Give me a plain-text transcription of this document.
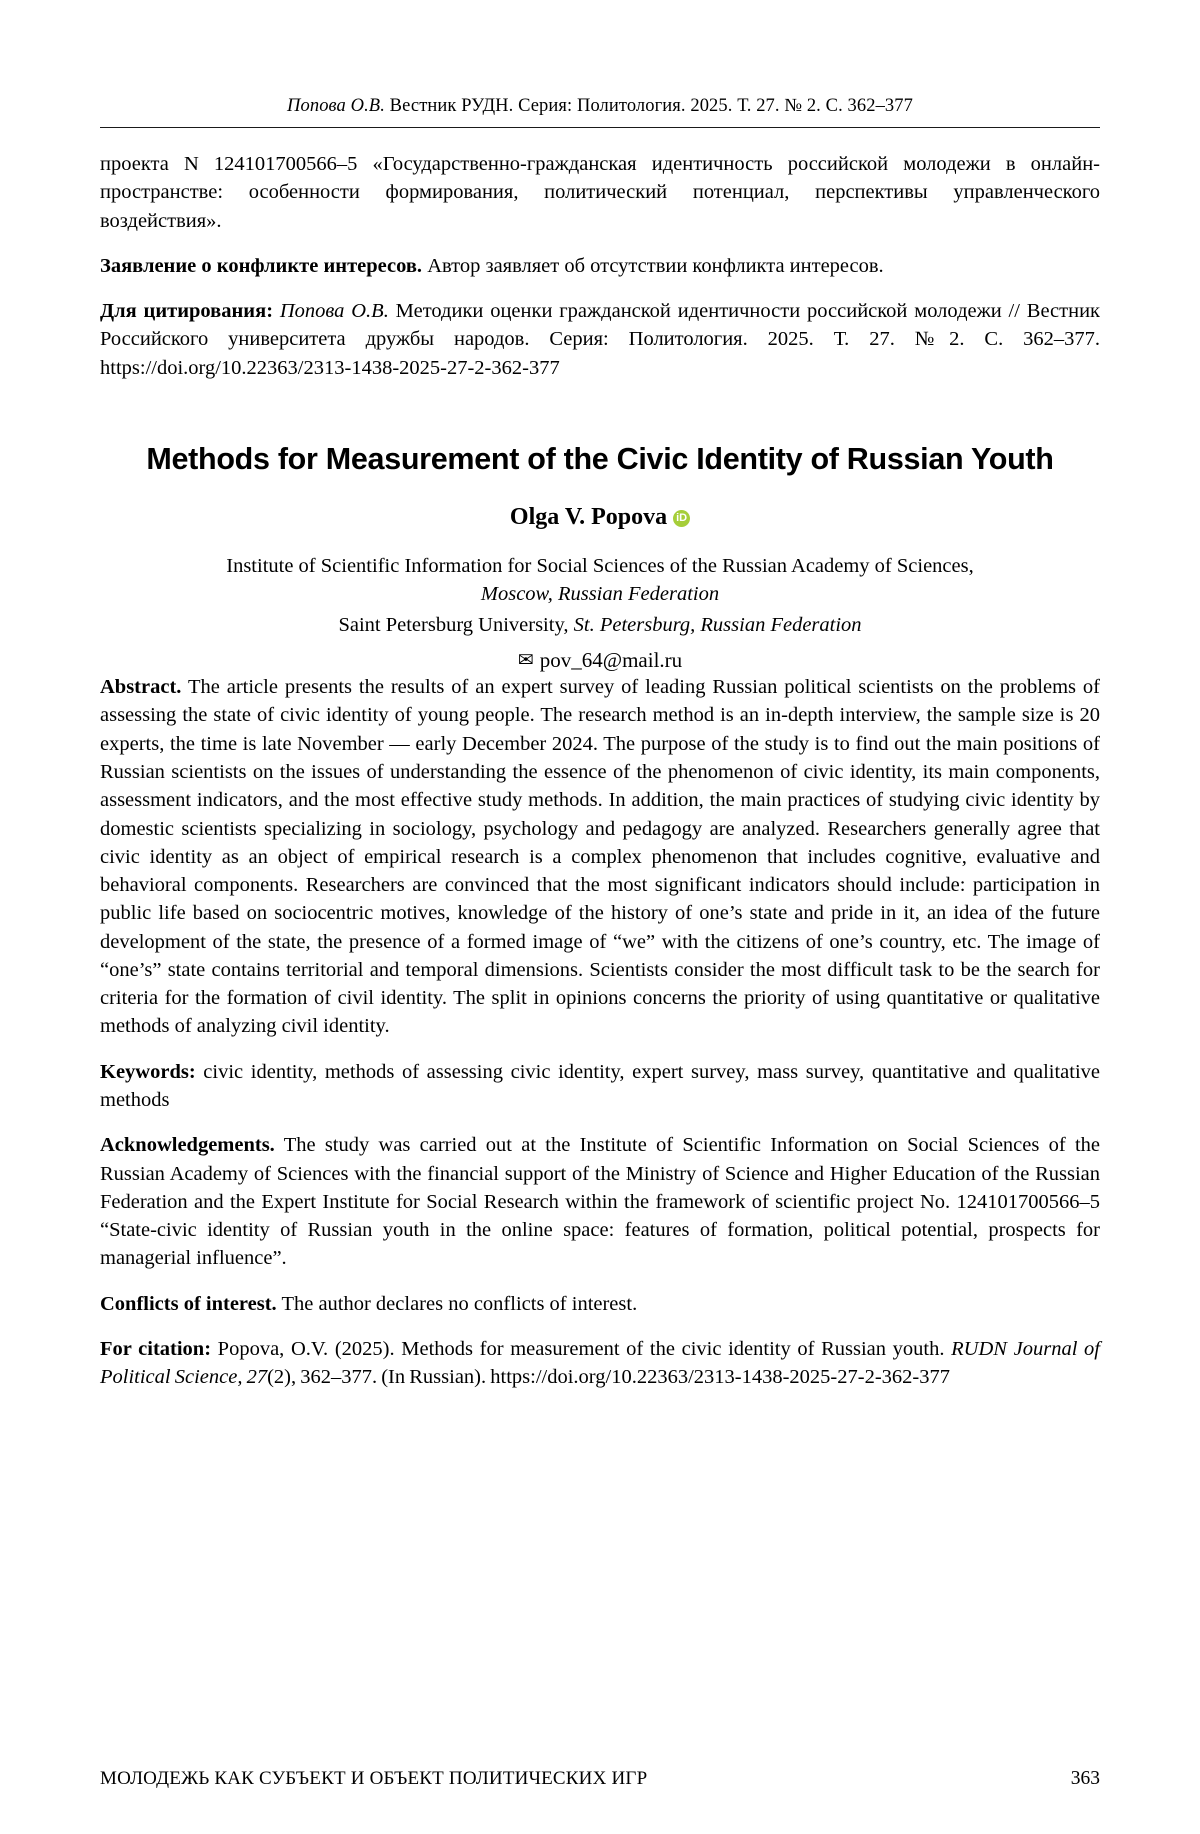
Попова О.В. Вестник РУДН. Серия: Политология. 2025. Т. 27. № 2. С. 362–377

проекта N 124101700566–5 «Государственно-гражданская идентичность российской молодежи в онлайн-пространстве: особенности формирования, политический потенциал, перспективы управленческого воздействия».

Заявление о конфликте интересов. Автор заявляет об отсутствии конфликта интересов.

Для цитирования: Попова О.В. Методики оценки гражданской идентичности российской молодежи // Вестник Российского университета дружбы народов. Серия: Политология. 2025. Т. 27. №2. С. 362–377. https://doi.org/10.22363/2313-1438-2025-27-2-362-377

Methods for Measurement of the Civic Identity of Russian Youth
Olga V. Popova iD
Institute of Scientific Information for Social Sciences of the Russian Academy of Sciences,
Moscow, Russian Federation
Saint Petersburg University, St. Petersburg, Russian Federation
✉ pov_64@mail.ru

Abstract. The article presents the results of an expert survey of leading Russian political scientists on the problems of assessing the state of civic identity of young people. The research method is an in-depth interview, the sample size is 20 experts, the time is late November — early December 2024. The purpose of the study is to find out the main positions of Russian scientists on the issues of understanding the essence of the phenomenon of civic identity, its main components, assessment indicators, and the most effective study methods. In addition, the main practices of studying civic identity by domestic scientists specializing in sociology, psychology and pedagogy are analyzed. Researchers generally agree that civic identity as an object of empirical research is a complex phenomenon that includes cognitive, evaluative and behavioral components. Researchers are convinced that the most significant indicators should include: participation in public life based on sociocentric motives, knowledge of the history of one’s state and pride in it, an idea of the future development of the state, the presence of a formed image of “we” with the citizens of one’s country, etc. The image of “one’s” state contains territorial and temporal dimensions. Scientists consider the most difficult task to be the search for criteria for the formation of civil identity. The split in opinions concerns the priority of using quantitative or qualitative methods of analyzing civil identity.

Keywords: civic identity, methods of assessing civic identity, expert survey, mass survey, quantitative and qualitative methods

Acknowledgements. The study was carried out at the Institute of Scientific Information on Social Sciences of the Russian Academy of Sciences with the financial support of the Ministry of Science and Higher Education of the Russian Federation and the Expert Institute for Social Research within the framework of scientific project No. 124101700566–5 “State-civic identity of Russian youth in the online space: features of formation, political potential, prospects for managerial influence”.

Conflicts of interest. The author declares no conflicts of interest.

For citation: Popova, O.V. (2025). Methods for measurement of the civic identity of Russian youth. RUDN Journal of Political Science, 27(2), 362–377. (In Russian). https://doi.org/10.22363/2313-1438-2025-27-2-362-377

МОЛОДЕЖЬ КАК СУБЪЕКТ И ОБЪЕКТ ПОЛИТИЧЕСКИХ ИГР	363
